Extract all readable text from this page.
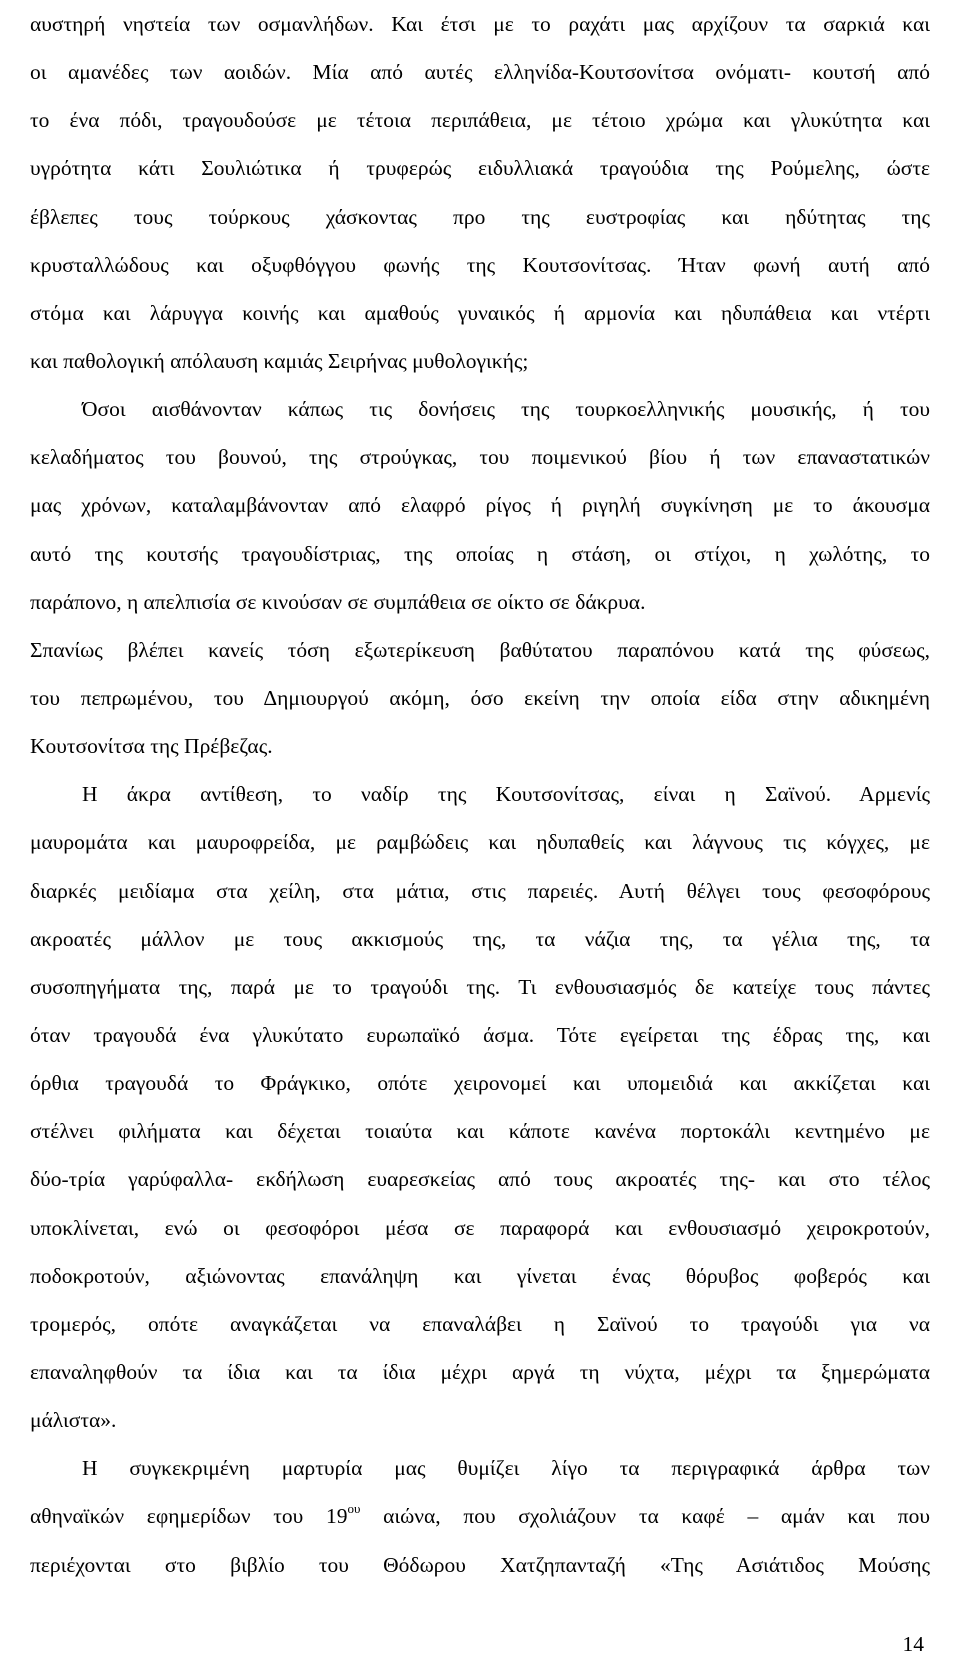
αυστηρή νηστεία των οσμανλήδων. Και έτσι με το ραχάτι μας αρχίζουν τα σαρκιά και
οι αμανέδες των αοιδών. Μία από αυτές ελληνίδα-Κουτσονίτσα ονόματι- κουτσή από
το ένα πόδι, τραγουδούσε με τέτοια περιπάθεια, με τέτοιο χρώμα και γλυκύτητα και
υγρότητα κάτι Σουλιώτικα ή τρυφερώς ειδυλλιακά τραγούδια της Ρούμελης, ώστε
έβλεπες τους τούρκους χάσκοντας προ της ευστροφίας και ηδύτητας της
κρυσταλλώδους και οξυφθόγγου φωνής της Κουτσονίτσας. Ήταν φωνή αυτή από
στόμα και λάρυγγα κοινής και αμαθούς γυναικός ή αρμονία και ηδυπάθεια και ντέρτι
και παθολογική απόλαυση καμιάς Σειρήνας μυθολογικής;
Όσοι αισθάνονταν κάπως τις δονήσεις της τουρκοελληνικής μουσικής, ή του
κελαδήματος του βουνού, της στρούγκας, του ποιμενικού βίου ή των επαναστατικών
μας χρόνων, καταλαμβάνονταν από ελαφρό ρίγος ή ριγηλή συγκίνηση με το άκουσμα
αυτό της κουτσής τραγουδίστριας, της οποίας η στάση, οι στίχοι, η χωλότης, το
παράπονο, η απελπισία σε κινούσαν σε συμπάθεια σε οίκτο σε δάκρυα.
Σπανίως βλέπει κανείς τόση εξωτερίκευση βαθύτατου παραπόνου κατά της φύσεως,
του πεπρωμένου, του Δημιουργού ακόμη, όσο εκείνη την οποία είδα στην αδικημένη
Κουτσονίτσα της Πρέβεζας.
Η άκρα αντίθεση, το ναδίρ της Κουτσονίτσας, είναι η Σαϊνού. Αρμενίς
μαυρομάτα και μαυροφρείδα, με ραμβώδεις και ηδυπαθείς και λάγνους τις κόγχες, με
διαρκές μειδίαμα στα χείλη, στα μάτια, στις παρειές. Αυτή θέλγει τους φεσοφόρους
ακροατές μάλλον με τους ακκισμούς της, τα νάζια της, τα γέλια της, τα
συσοπηγήματα της, παρά με το τραγούδι της. Τι ενθουσιασμός δε κατείχε τους πάντες
όταν τραγουδά ένα γλυκύτατο ευρωπαϊκό άσμα. Τότε εγείρεται της έδρας της, και
όρθια τραγουδά το Φράγκικο, οπότε χειρονομεί και υπομειδιά και ακκίζεται και
στέλνει φιλήματα και δέχεται τοιαύτα και κάποτε κανένα πορτοκάλι κεντημένο με
δύο-τρία γαρύφαλλα- εκδήλωση ευαρεσκείας από τους ακροατές της- και στο τέλος
υποκλίνεται, ενώ οι φεσοφόροι μέσα σε παραφορά και ενθουσιασμό χειροκροτούν,
ποδοκροτούν, αξιώνοντας επανάληψη και γίνεται ένας θόρυβος φοβερός και
τρομερός, οπότε αναγκάζεται να επαναλάβει η Σαϊνού το τραγούδι για να
επαναληφθούν τα ίδια και τα ίδια μέχρι αργά τη νύχτα, μέχρι τα ξημερώματα
μάλιστα».
Η συγκεκριμένη μαρτυρία μας θυμίζει λίγο τα περιγραφικά άρθρα των
αθηναϊκών εφημερίδων του $19^{o\upsilon}$ αιώνα, που σχολιάζουν τα καφέ – αμάν και που
περιέχονται στο βιβλίο του Θόδωρου Χατζηπανταζή «Της Ασιάτιδος Μούσης
14
